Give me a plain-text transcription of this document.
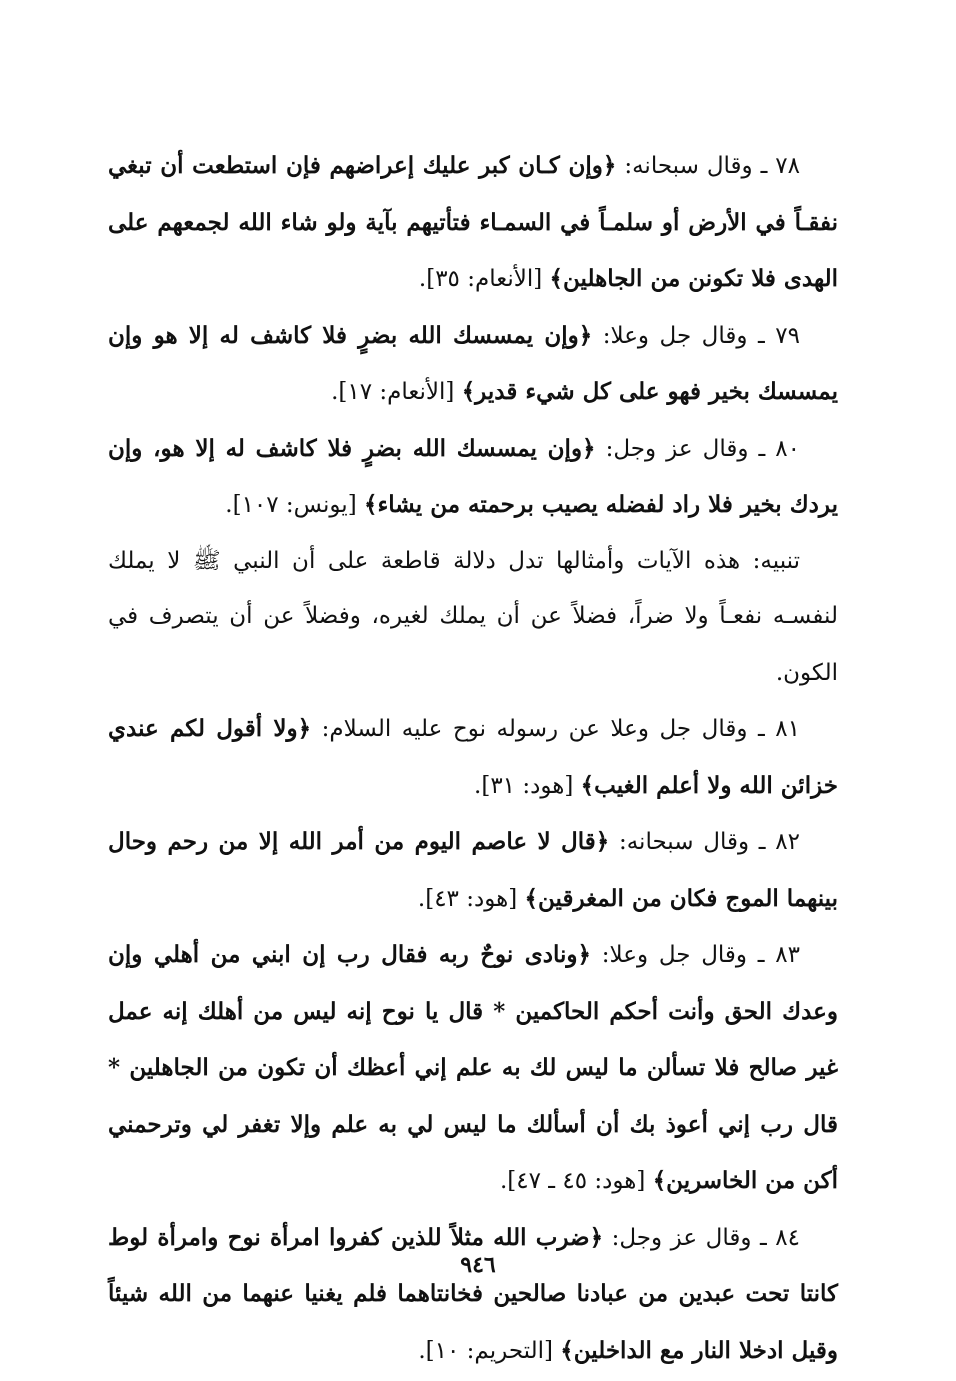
٧٨ ـ وقال سبحانه: ﴿وإن كـان كبر عليك إعراضهم فإن استطعت أن تبغي نفقـاً في الأرض أو سلمـاً في السمـاء فتأتيهم بآية ولو شاء الله لجمعهم على الهدى فلا تكونن من الجاهلين﴾ [الأنعام: ٣٥].

٧٩ ـ وقال جل وعلا: ﴿وإن يمسسك الله بضرٍ فلا كاشف له إلا هو وإن يمسسك بخير فهو على كل شيء قدير﴾ [الأنعام: ١٧].

٨٠ ـ وقال عز وجل: ﴿وإن يمسسك الله بضرٍ فلا كاشف له إلا هو، وإن يردك بخير فلا راد لفضله يصيب برحمته من يشاء﴾ [يونس: ١٠٧].

تنبيه: هذه الآيات وأمثالها تدل دلالة قاطعة على أن النبي ﷺ لا يملك لنفسـه نفعـاً ولا ضراً، فضلاً عن أن يملك لغيره، وفضلاً عن أن يتصرف في الكون.

٨١ ـ وقال جل وعلا عن رسوله نوح عليه السلام: ﴿ولا أقول لكم عندي خزائن الله ولا أعلم الغيب﴾ [هود: ٣١].

٨٢ ـ وقال سبحانه: ﴿قال لا عاصم اليوم من أمر الله إلا من رحم وحال بينهما الموج فكان من المغرقين﴾ [هود: ٤٣].

٨٣ ـ وقال جل وعلا: ﴿ونادى نوحٌ ربه فقال رب إن ابني من أهلي وإن وعدك الحق وأنت أحكم الحاكمين * قال يا نوح إنه ليس من أهلك إنه عمل غير صالح فلا تسألن ما ليس لك به علم إني أعظك أن تكون من الجاهلين * قال رب إني أعوذ بك أن أسألك ما ليس لي به علم وإلا تغفر لي وترحمني أكن من الخاسرين﴾ [هود: ٤٥ ـ ٤٧].

٨٤ ـ وقال عز وجل: ﴿ضرب الله مثلاً للذين كفروا امرأة نوح وامرأة لوط كانتا تحت عبدين من عبادنا صالحين فخانتاهما فلم يغنيا عنهما من الله شيئاً وقيل ادخلا النار مع الداخلين﴾ [التحريم: ١٠].

٩٤٦
